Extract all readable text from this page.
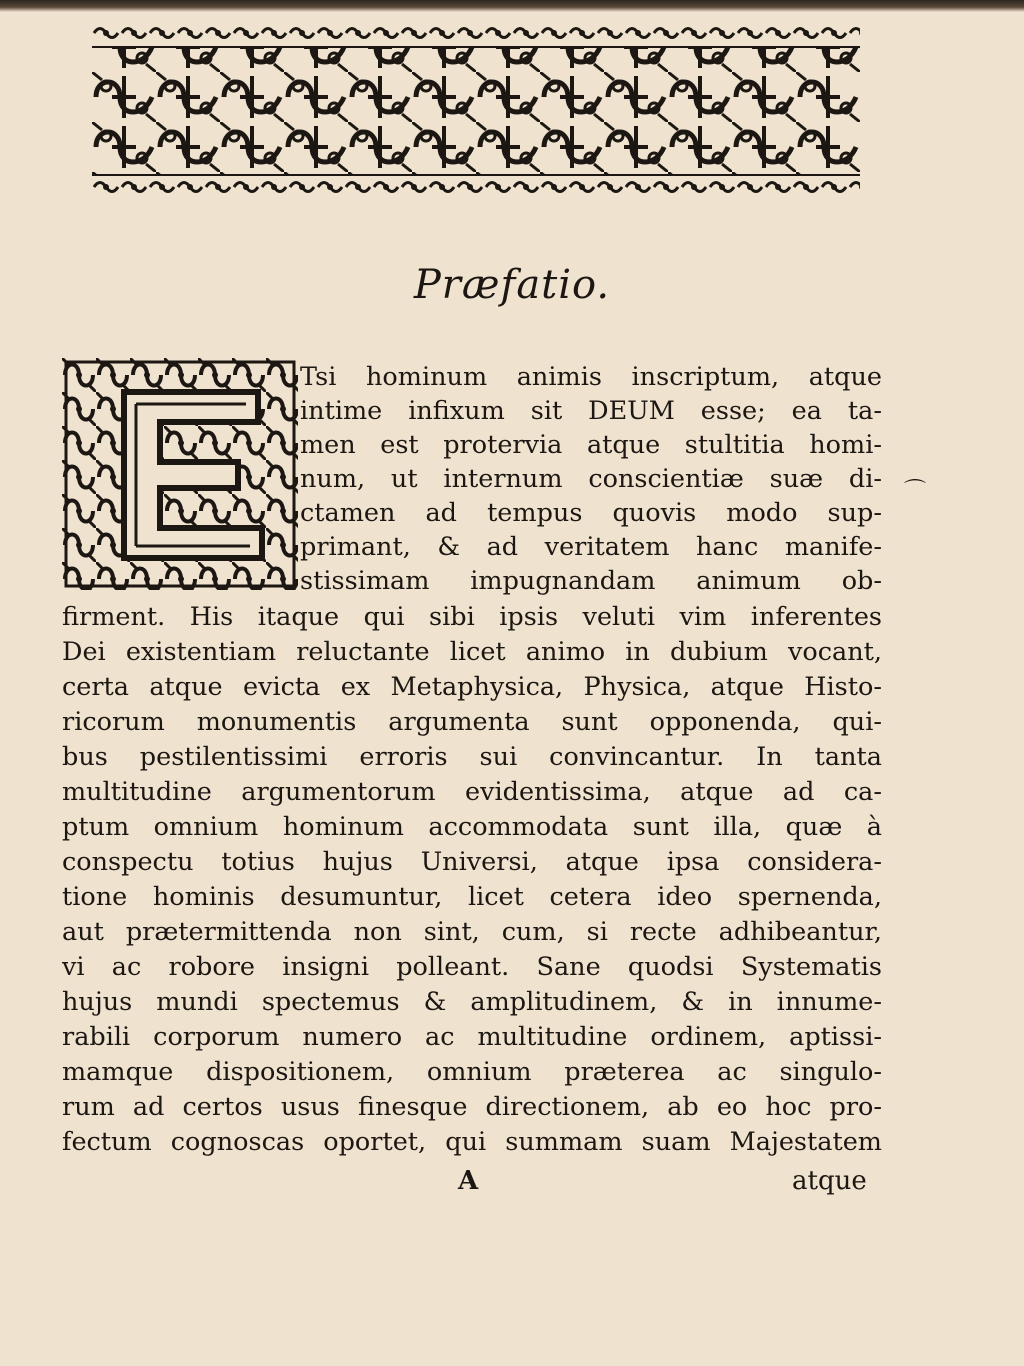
Præfatio.
Tsi hominum animis inscriptum, atque
intime infixum sit DEUM esse; ea ta-
men est protervia atque stultitia homi-
num, ut internum conscientiæ suæ di-
ctamen ad tempus quovis modo sup-
primant, & ad veritatem hanc manife-
stissimam impugnandam animum ob-
firment. His itaque qui sibi ipsis veluti vim inferentes
Dei existentiam reluctante licet animo in dubium vocant,
certa atque evicta ex Metaphysica, Physica, atque Histo-
ricorum monumentis argumenta sunt opponenda, qui-
bus pestilentissimi erroris sui convincantur. In tanta
multitudine argumentorum evidentissima, atque ad ca-
ptum omnium hominum accommodata sunt illa, quæ à
conspectu totius hujus Universi, atque ipsa considera-
tione hominis desumuntur, licet cetera ideo spernenda,
aut prætermittenda non sint, cum, si recte adhibeantur,
vi ac robore insigni polleant. Sane quodsi Systematis
hujus mundi spectemus & amplitudinem, & in innume-
rabili corporum numero ac multitudine ordinem, aptissi-
mamque dispositionem, omnium præterea ac singulo-
rum ad certos usus finesque directionem, ab eo hoc pro-
fectum cognoscas oportet, qui summam suam Majestatem
A	atque
⌒
